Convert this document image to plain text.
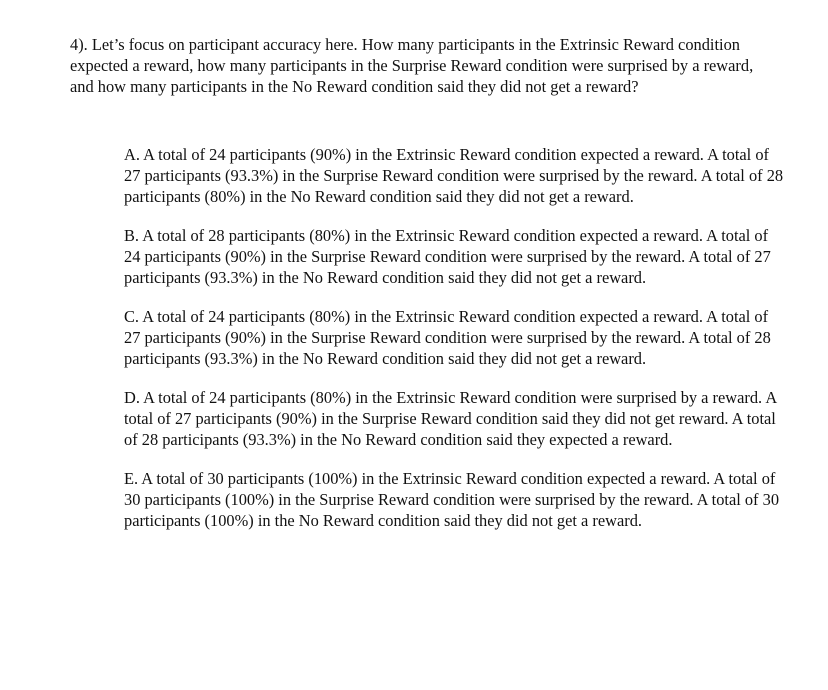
4). Let’s focus on participant accuracy here. How many participants in the Extrinsic Reward condition expected a reward, how many participants in the Surprise Reward condition were surprised by a reward, and how many participants in the No Reward condition said they did not get a reward?

A. A total of 24 participants (90%) in the Extrinsic Reward condition expected a reward. A total of 27 participants (93.3%) in the Surprise Reward condition were surprised by the reward. A total of 28 participants (80%) in the No Reward condition said they did not get a reward.
B. A total of 28 participants (80%) in the Extrinsic Reward condition expected a reward. A total of 24 participants (90%) in the Surprise Reward condition were surprised by the reward. A total of 27 participants (93.3%) in the No Reward condition said they did not get a reward.
C. A total of 24 participants (80%) in the Extrinsic Reward condition expected a reward. A total of 27 participants (90%) in the Surprise Reward condition were surprised by the reward. A total of 28 participants (93.3%) in the No Reward condition said they did not get a reward.
D. A total of 24 participants (80%) in the Extrinsic Reward condition were surprised by a reward. A total of 27 participants (90%) in the Surprise Reward condition said they did not get reward. A total of 28 participants (93.3%) in the No Reward condition said they expected a reward.
E. A total of 30 participants (100%) in the Extrinsic Reward condition expected a reward. A total of 30 participants (100%) in the Surprise Reward condition were surprised by the reward. A total of 30 participants (100%) in the No Reward condition said they did not get a reward.
